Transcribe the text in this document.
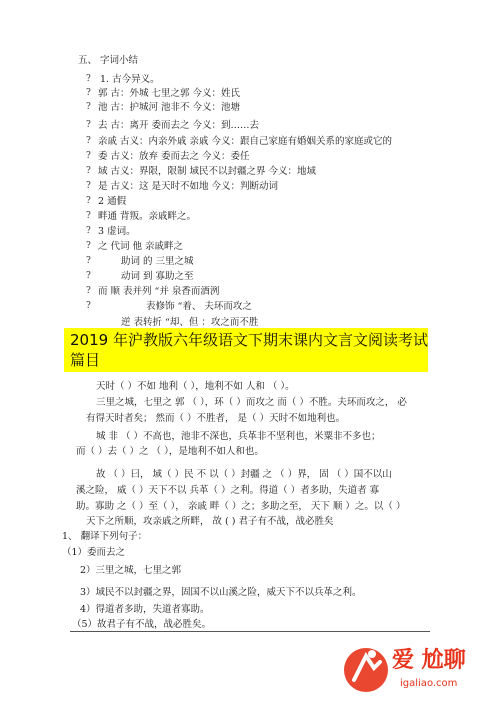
五、 字词小结
1. 古今异义。
郭 古：外城 七里之郭 今义：姓氏
池 古：护城河 池非不 今义：池塘
去 古：离开 委而去之 今义：到……去
亲戚 古义：内亲外戚 亲戚 今义：跟自己家庭有婚姻关系的家庭或它的
委 古义：放弃 委而去之 今义：委任
域 古义：界限，限制 域民不以封疆之界 今义：地域
是 古义：这 是天时不如地 今义：判断动词
2 通假
畔通 背叛。亲戚畔之。
3 虚词。
之 代词 他 亲戚畔之
助词 的 三里之城
动词 到 寡助之至
而 顺 表并列 “并 泉香而酒洌
表修饰 “着、 夫环而攻之
逆 表转折 “却、但 ：攻之而不胜
?
?
?
?
?
?
?
?
?
?
?
?
?
?
?
?
2019 年沪教版六年级语文下期末课内文言文阅读考试
篇目
天时（ ）不如 地利（ ），地利不如 人和 （ ）。
三里之城，七里之 郭 （ ），环（ ）而攻之 而（ ）不胜。夫环而攻之， 必
有得天时者矣； 然而（ ）不胜者， 是（ ）天时不如地利也。
城 非 （ ）不高也，池非不深也，兵革非不坚利也，米粟非不多也；
而（ ）去（ ）之 （ ），是地利不如人和也。
故 （ ）曰， 域（ ）民 不 以（ ）封疆 之 （ ）界， 固 （ ）国不以山
溪之险， 威（ ）天下不以 兵革（ ）之利。得道（ ）者多助，失道者 寡
助。寡助 之（ ）至（ ）， 亲戚 畔（ ）之；多助之至， 天下 顺 ）之。以（ ）
天下之所顺，攻亲戚之所畔， 故 ( ) 君子有不战，战必胜矣
1、 翻译下列句子：
（1）委而去之
2）三里之城，七里之郭
3）域民不以封疆之界，固国不以山溪之险，威天下不以兵革之利。
4）得道者多助，失道者寡助。
（5）故君子有不战，战必胜矣。
爱 尬聊
igaliao.com
